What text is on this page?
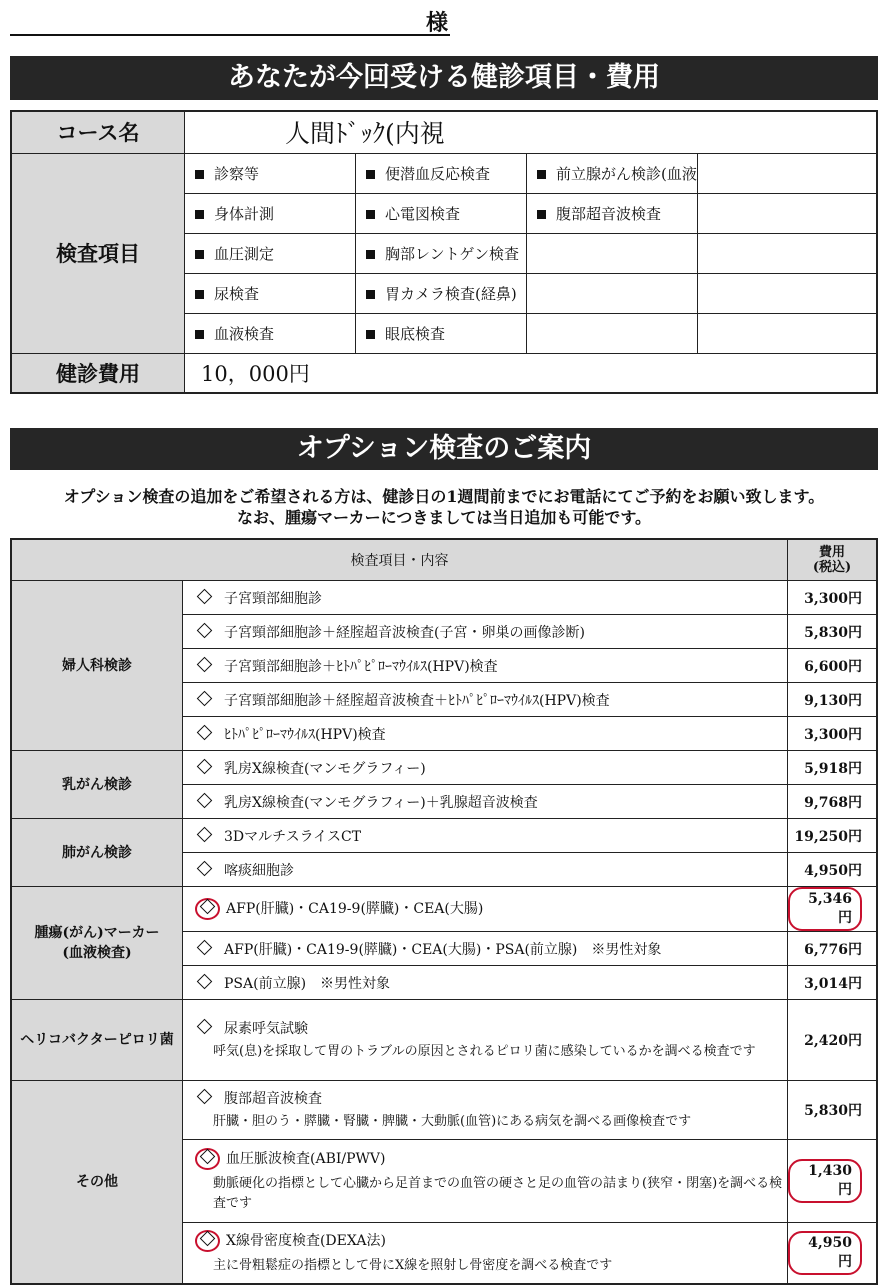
様
あなたが今回受ける健診項目・費用
コース名	人間ﾄﾞｯｸ(内視			
検査項目	診察等	便潜血反応検査	前立腺がん検診(血液	
	身体計測	心電図検査	腹部超音波検査	
	血圧測定	胸部レントゲン検査		
	尿検査	胃カメラ検査(経鼻)		
	血液検査	眼底検査		
健診費用	10，000円			
オプション検査のご案内
オプション検査の追加をご希望される方は、健診日の1週間前までにお電話にてご予約をお願い致します。
なお、腫瘍マーカーにつきましては当日追加も可能です。
検査項目・内容		費用
(税込)

婦人科検診	子宮頸部細胞診	3,300円
	子宮頸部細胞診＋経腟超音波検査(子宮・卵巣の画像診断)	5,830円
	子宮頸部細胞診＋ﾋﾄﾊﾟﾋﾟﾛｰﾏｳｲﾙｽ(HPV)検査	6,600円
	子宮頸部細胞診＋経腟超音波検査＋ﾋﾄﾊﾟﾋﾟﾛｰﾏｳｲﾙｽ(HPV)検査	9,130円
	ﾋﾄﾊﾟﾋﾟﾛｰﾏｳｲﾙｽ(HPV)検査	3,300円
乳がん検診	乳房X線検査(マンモグラフィー)	5,918円
	乳房X線検査(マンモグラフィー)＋乳腺超音波検査	9,768円
肺がん検診	3DマルチスライスCT	19,250円
	喀痰細胞診	4,950円

腫瘍(がん)マーカー
(血液検査)	AFP(肝臓)・CA19-9(膵臓)・CEA(大腸)	5,346円
	AFP(肝臓)・CA19-9(膵臓)・CEA(大腸)・PSA(前立腺)　※男性対象	6,776円
	PSA(前立腺)　※男性対象	3,014円
ヘリコバクターピロリ菌	尿素呼気試験
呼気(息)を採取して胃のトラブルの原因とされるピロリ菌に感染しているかを調べる検査です	2,420円
その他	腹部超音波検査
肝臓・胆のう・膵臓・腎臓・脾臓・大動脈(血管)にある病気を調べる画像検査です	5,830円
	血圧脈波検査(ABI/PWV)
動脈硬化の指標として心臓から足首までの血管の硬さと足の血管の詰まり(狭窄・閉塞)を調べる検査です	1,430円
	X線骨密度検査(DEXA法)
主に骨粗鬆症の指標として骨にX線を照射し骨密度を調べる検査です	4,950円
